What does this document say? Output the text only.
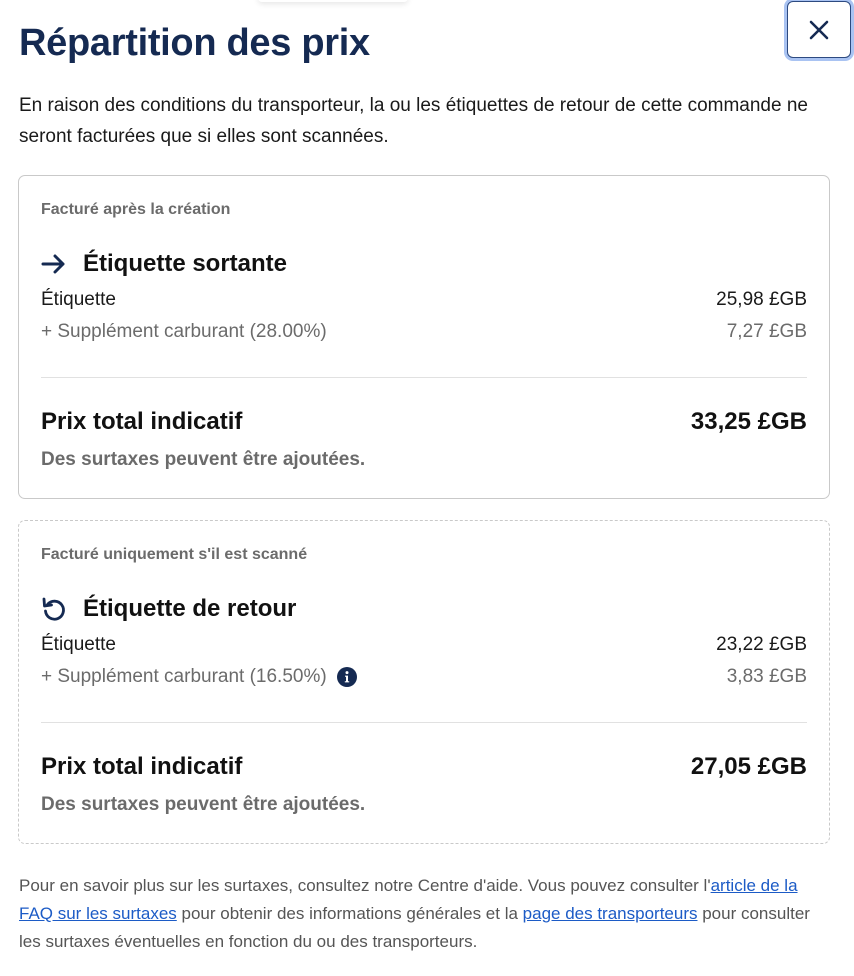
Répartition des prix

En raison des conditions du transporteur, la ou les étiquettes de retour de cette commande ne seront facturées que si elles sont scannées.

Facturé après la création
Étiquette sortante
Étiquette	25,98 £GB
+ Supplément carburant (28.00%)	7,27 £GB
Prix total indicatif	33,25 £GB
Des surtaxes peuvent être ajoutées.
Facturé uniquement s'il est scanné
Étiquette de retour
Étiquette	23,22 £GB
+ Supplément carburant (16.50%)	3,83 £GB
Prix total indicatif	27,05 £GB
Des surtaxes peuvent être ajoutées.

Pour en savoir plus sur les surtaxes, consultez notre Centre d'aide. Vous pouvez consulter l'article de la FAQ sur les surtaxes pour obtenir des informations générales et la page des transporteurs pour consulter les surtaxes éventuelles en fonction du ou des transporteurs.
